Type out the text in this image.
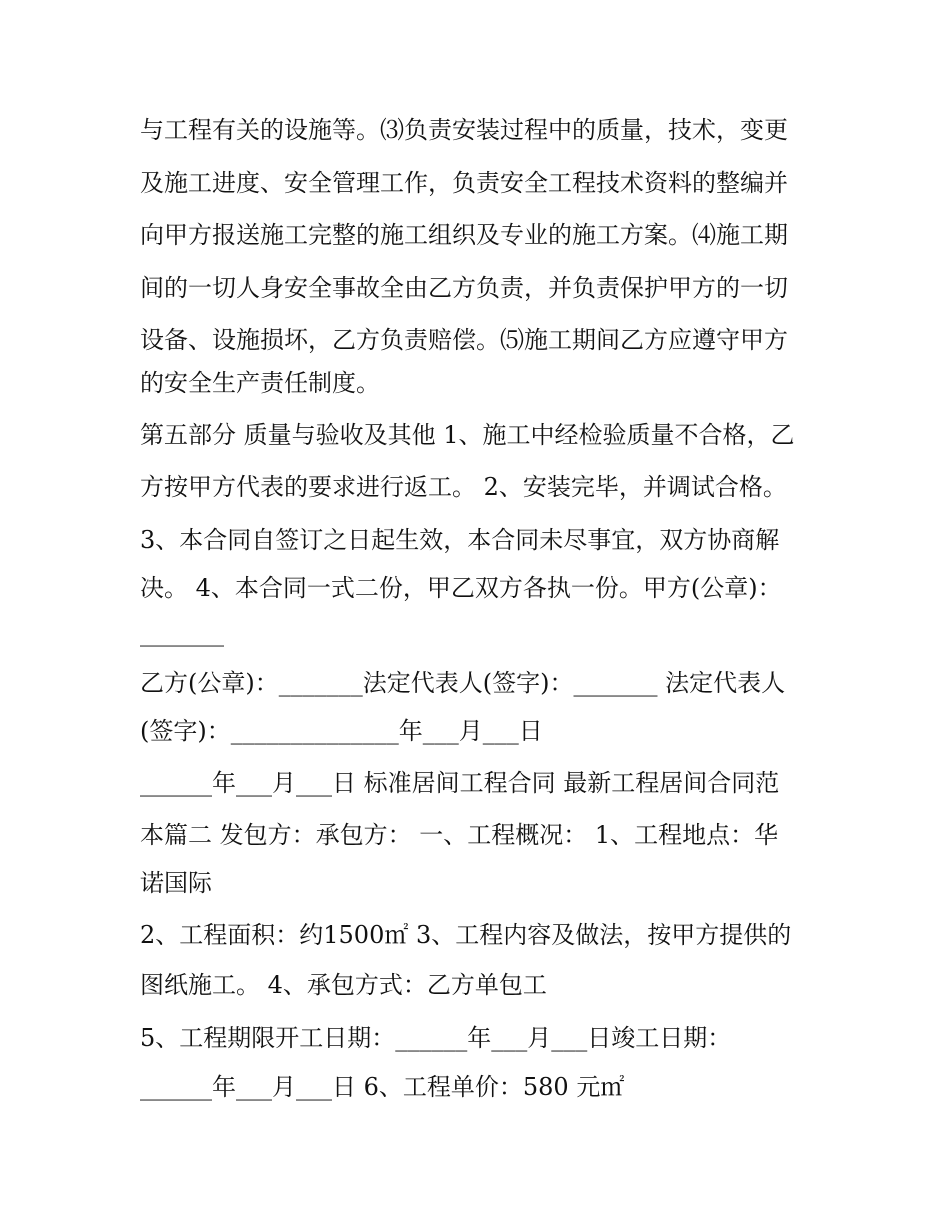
与工程有关的设施等。⑶负责安装过程中的质量，技术，变更
及施工进度、安全管理工作，负责安全工程技术资料的整编并
向甲方报送施工完整的施工组织及专业的施工方案。⑷施工期
间的一切人身安全事故全由乙方负责，并负责保护甲方的一切
设备、设施损坏，乙方负责赔偿。⑸施工期间乙方应遵守甲方
的安全生产责任制度。
第五部分 质量与验收及其他 1、施工中经检验质量不合格，乙
方按甲方代表的要求进行返工。 2、安装完毕，并调试合格。
3、本合同自签订之日起生效，本合同未尽事宜，双方协商解
决。 4、本合同一式二份，甲乙双方各执一份。甲方(公章)：
_______
乙方(公章)：_______法定代表人(签字)：_______ 法定代表人
(签字)：______________年___月___日
______年___月___日 标准居间工程合同 最新工程居间合同范
本篇二 发包方：承包方： 一、工程概况： 1、工程地点：华
诺国际
2、工程面积：约1500㎡ 3、工程内容及做法，按甲方提供的
图纸施工。 4、承包方式：乙方单包工
5、工程期限开工日期：______年___月___日竣工日期：
______年___月___日 6、工程单价：580 元㎡
